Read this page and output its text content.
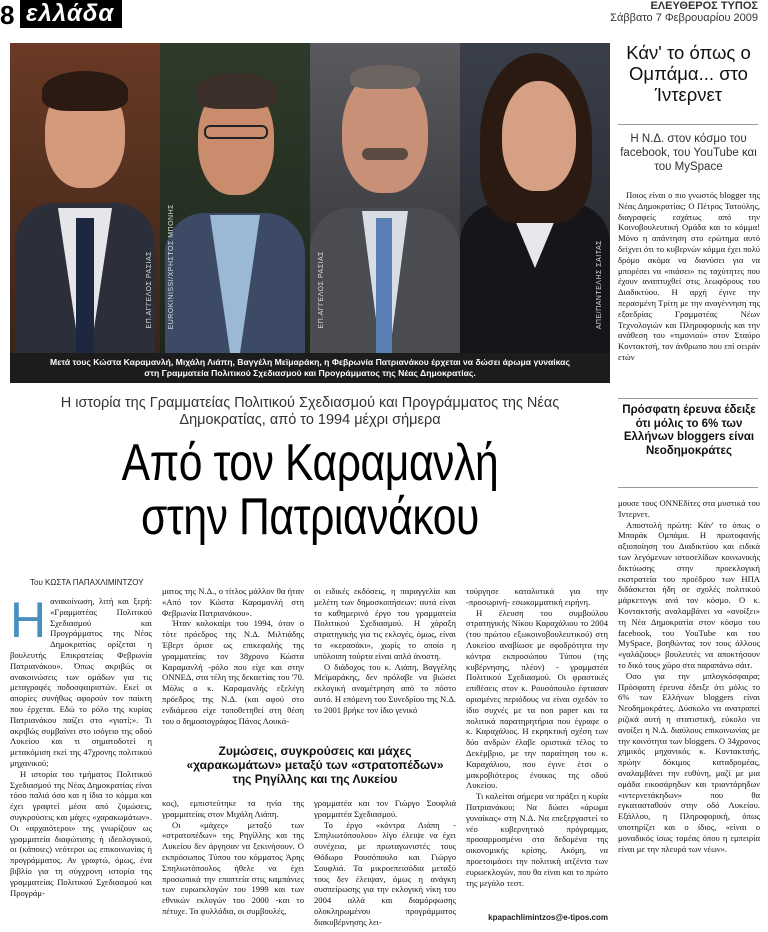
8 ελλάδα	ΕΛΕΥΘΕΡΟΣ ΤΥΠΟΣ
Σάββατο 7 Φεβρουαρίου 2009
ΕΠ.ΑΓΓΕΛΟΣ ΡΑΣΙΑΣ EUROKINISSI/ΧΡΗΣΤΟΣ ΜΠΟΝΗΣ	ΕΠ.ΑΓΓΕΛΟΣ ΡΑΣΙΑΣ	ΑΠΕ/ΠΑΝΤΕΛΗΣ ΣΑΙΤΑΣ
Μετά τους Κώστα Καραμανλή, Μιχάλη Λιάπη, Βαγγέλη Μεϊμαράκη, η Φεβρωνία Πατριανάκου έρχεται να δώσει άρωμα γυναίκας
στη Γραμματεία Πολιτικού Σχεδιασμού και Προγράμματος της Νέας Δημοκρατίας.
Η ιστορία της Γραμματείας Πολιτικού Σχεδιασμού και Προγράμματος της Νέας Δημοκρατίας, από το 1994 μέχρι σήμερα
Από τον Καραμανλή
στην Πατριανάκου
Του ΚΩΣΤΑ ΠΑΠΑΧΛΙΜΙΝΤΖΟΥ
Η ανακοίνωση, λιτή και ξερή: «Γραμματέας Πολιτικού Σχεδιασμού και Προγράμματος της Νέας Δημοκρατίας ορίζεται η βουλευτής Επικρατείας Φεβρωνία Πατριανάκου». Όπως ακριβώς οι ανακοινώσεις των ομάδων για τις μεταγραφές ποδοσφαιριστών. Εκεί οι απορίες συνήθως αφορούν τον παίκτη που έρχεται. Εδώ το ρόλο της κυρίας Πατριανάκου παίζει στο «γιατί;». Τι ακριβώς συμβαίνει στο ισόγειο της οδού Λυκείου και τι σηματοδοτεί η μετακόμιση εκεί της 47χρονης πολιτικού μηχανικού;

Η ιστορία του τμήματος Πολιτικού Σχεδιασμού της Νέας Δημοκρατίας είναι τόσο παλιά όσο και η ίδια το κόμμα και έχει γραφτεί μέσα από ζυμώσεις, συγκρούσεις και μάχες «χαρακωμάτων». Οι «αρχαιότεροι» της γνωρίζουν ως γραμματεία διαφώτισης ή ιδεολογικού, οι (κάποιες) νεότεροι ως επικοινωνίας ή προγράμματος. Αν γραφτώ, όμως, ένα βιβλίο για τη σύγχρονη ιστορία της γραμματείας Πολιτικού Σχεδιασμού και Προγράμ-

ματος της Ν.Δ., ο τίτλος μάλλον θα ήταν «Από τον Κώστα Καραμανλή στη Φεβρωνία Πατριανάκου».

Ήταν καλοκαίρι του 1994, όταν ο τότε πρόεδρος της Ν.Δ. Μιλτιάδης Έβερτ όρισε ως επικεφαλής της γραμματείας τον 38χρονο Κώστα Καραμανλή -ρόλο που είχε και στην ΟΝΝΕΔ, στα τέλη της δεκαετίας του '70. Μόλις ο κ. Καραμανλής εξελέγη πρόεδρος της Ν.Δ. (και αφού στο ενδιάμεσο είχε τοποθετηθεί στη θέση του ο δημοσιογράφος Πάνος Λουκά-

οι ειδικές εκδόσεις, η παραγγελία και μελέτη των δημοσκοπήσεων: αυτά είναι το καθημερινό έργο του γραμματεία Πολιτικού Σχεδιασμού. Η χάραξη στρατηγικής για τις εκλογές, όμως, είναι το «κερασάκι», χωρίς το οποίο η υπόλοιπη τούρτα είναι απλά άνοστη.

Ο διάδοχος του κ. Λιάπη, Βαγγέλης Μεϊμαράκης, δεν πρόλαβε να βιώσει εκλογική αναμέτρηση από το πόστο αυτό. Η επόμενη του Συνεδρίου της Ν.Δ. το 2001 βρήκε τον ίδιο γενικό

τούργησε καταλυτικά για την -προσωρινή- εσωκομματική ειρήνη.

Η έλευση του συμβούλου στρατηγικής Νίκου Καραχάλιου το 2004 (του πρώτου εξωκοινοβουλευτικού) στη Λυκείου αναβίωσε με σφοδρότητα την κόντρα εκπροσώπου Τύπου (της κυβέρνησης, πλέον) - γραμματέα Πολιτικού Σχεδιασμού. Οι φραστικές επιθέσεις στον κ. Ρουσόπουλο έφτασαν ορισμένες περιόδους να είναι σχεδόν το ίδιο συχνές με τα non paper και τα πολιτικά παρατηρητήρια που έγραφε ο κ. Καραχάλιος. Η εκρηκτική σχέση των δύο ανδρών έλαβε οριστικά τέλος το Δεκέμβριο, με την παραίτηση του κ. Καραχάλιου, που έγινε έτσι ο μακροβιότερος ένοικος της οδού Λυκείου.

Τι καλείται σήμερα να πράξει η κυρία Πατριανάκου; Να δώσει «άρωμα γυναίκας» στη Ν.Δ. Να επεξεργαστεί το νέο κυβερνητικό πρόγραμμα, προσαρμοσμένο στα δεδομένα της οικονομικής κρίσης. Ακόμη, να προετοιμάσει την πολιτική ατζέντα των ευρωεκλογών, που θα είναι και το πρώτο της μεγάλο τεστ.

Ζυμώσεις, συγκρούσεις και μάχες «χαρακωμάτων» μεταξύ των «στρατοπέδων» της Ρηγίλλης και της Λυκείου
κος), εμπιστεύτηκε τα ηνία της γραμματείας στον Μιχάλη Λιάπη.

Οι «μάχες» μεταξύ των «στρατοπέδων» της Ρηγίλλης και της Λυκείου δεν άργησαν να ξεκινήσουν. Ο εκπρόσωπος Τύπου του κόμματος Άρης Σπηλιωτόπουλος ήθελε να έχει προσωπικά την εποπτεία στις καμπάνιες των ευρωεκλογών του 1999 και των εθνικών εκλογών του 2000 -και το πέτυχε. Τα φυλλάδια, οι συμβουλές,

γραμματέα και τον Γιώργο Σουφλιά γραμματέα Σχεδιασμού.

Το έργο «κόντρα Λιάπη - Σπηλιωτόπουλου» λίγο έλειψε να έχει συνέχεια, με πρωταγωνιστές τους Θόδωρο Ρουσόπουλο και Γιώργο Σουφλιά. Τα μικροεπεισόδια μεταξύ τους δεν έλειψαν, όμως η ανάγκη συσπείρωσης για την εκλογική νίκη του 2004 αλλά και διαμόρφωσης ολοκληρωμένου προγράμματος διακυβέρνησης λει-	kpapachlimintzos@e-tipos.com
Κάν' το όπως ο Ομπάμα... στο Ίντερνετ
Η Ν.Δ. στον κόσμο του facebook, του YouTube και του MySpace

Ποιος είναι ο πιο γνωστός blogger της Νέας Δημοκρατίας; Ο Πέτρος Τατούλης, διαγραφείς εσχάτως από την Κοινοβουλευτική Ομάδα και το κόμμα! Μόνο η απάντηση στο ερώτημα αυτό δείχνει ότι το κυβερνών κόμμα έχει πολύ δρόμο ακόμα να διανύσει για να μπορέσει να «πιάσει» τις ταχύτητες που έχουν αναπτυχθεί στις λεωφόρους του Διαδικτύου. Η αρχή έγινε την περασμένη Τρίτη με την αναγέννηση της εξαεδρίας Γραμματέας Νέων Τεχνολογιών και Πληροφορικής και την ανάθεση του «τιμονιού» στον Σταύρο Κοντακτσή, τον άνθρωπο που επί σειράν ετών

Πρόσφατη έρευνα έδειξε ότι μόλις το 6% των Ελλήνων bloggers είναι Νεοδημοκράτες
μουσε τους ΟΝΝΕδίτες στα μυστικά του Ίντερνετ.

Αποστολή πρώτη: Κάν' το όπως ο Μπαράκ Ομπάμα. Η πρωτοφανής αξιοποίηση του Διαδικτύου και ειδικά των λεγόμενων ιστοσελίδων κοινωνικής δικτύωσης στην προεκλογική εκστρατεία του προέδρου των ΗΠΑ διδάσκεται ήδη σε σχολές πολιτικού μάρκετινγκ ανά τον κόσμο. Ο κ. Κοντακτσής αναλαμβάνει να «ανοίξει» τη Νέα Δημοκρατία στον κόσμο του facebook, του YouTube και του MySpace, βοηθώντας τον τους άλλους «γαλάζιους» βουλευτές να αποκτήσουν το δικό τους χώρο στα παραπάνω σάιτ.

Όσο για την μπλογκόσφαιρα; Πρόσφατη έρευνα έδειξε ότι μόλις το 6% των Ελλήνων bloggers είναι Νεοδημοκράτες. Δύσκολο να ανατραπεί ριζικά αυτή η στατιστική, εύκολο να ανοίξει η Ν.Δ. διαύλους επικοινωνίας με την κοινότητα των bloggers. Ο 34χρονος χημικός μηχανικός κ. Κοντακτσής, πρώην δόκιμος καταδρομέας, αναλαμβάνει την ευθύνη, μαζί με μια ομάδα εικοσάρηδων και τριαντάρηδων «ιντερνετάκηδων» που θα εγκατασταθούν στην οδό Λυκείου. Εξάλλου, η Πληροφορική, όπως υποτηρίζει και ο ίδιος, «είναι ο μοναδικός ίσως τομέας όπου η εμπειρία είναι με την πλευρά των νέων».
